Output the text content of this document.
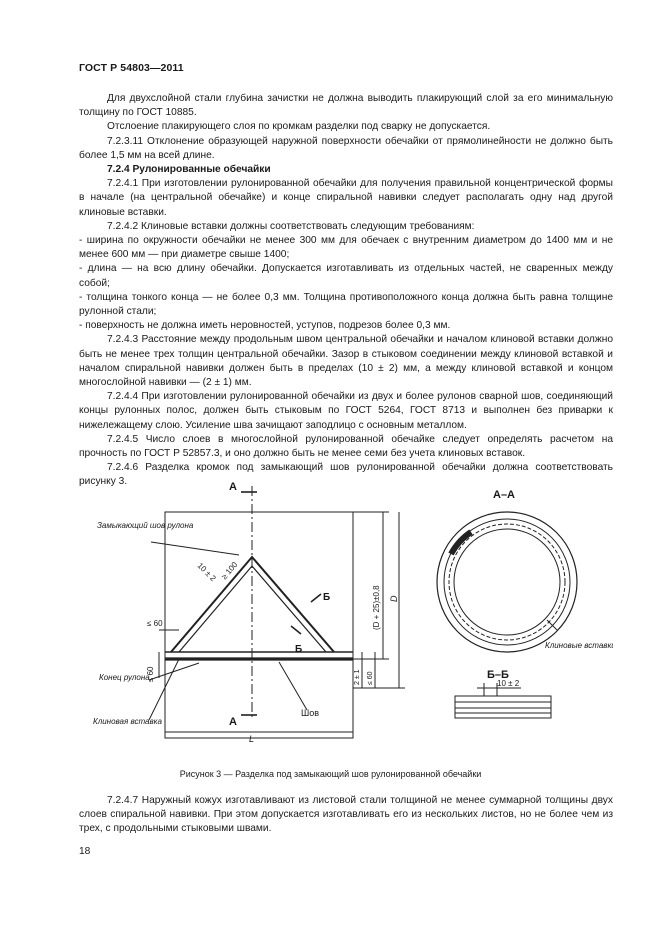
ГОСТ Р 54803—2011

Для двухслойной стали глубина зачистки не должна выводить плакирующий слой за его минимальную толщину по ГОСТ 10885.

Отслоение плакирующего слоя по кромкам разделки под сварку не допускается.

7.2.3.11 Отклонение образующей наружной поверхности обечайки от прямолинейности не должно быть более 1,5 мм на всей длине.

7.2.4 Рулонированные обечайки

7.2.4.1 При изготовлении рулонированной обечайки для получения правильной концентрической формы в начале (на центральной обечайке) и конце спиральной навивки следует располагать одну над другой клиновые вставки.

7.2.4.2 Клиновые вставки должны соответствовать следующим требованиям:

- ширина по окружности обечайки не менее 300 мм для обечаек с внутренним диаметром до 1400 мм и не менее 600 мм — при диаметре свыше 1400;

- длина — на всю длину обечайки. Допускается изготавливать из отдельных частей, не сваренных между собой;

- толщина тонкого конца — не более 0,3 мм. Толщина противоположного конца должна быть равна толщине рулонной стали;

- поверхность не должна иметь неровностей, уступов, подрезов более 0,3 мм.

7.2.4.3 Расстояние между продольным швом центральной обечайки и началом клиновой вставки должно быть не менее трех толщин центральной обечайки. Зазор в стыковом соединении между клиновой вставкой и началом спиральной навивки должен быть в пределах (10 ± 2) мм, а между клиновой вставкой и концом многослойной навивки — (2 ± 1) мм.

7.2.4.4 При изготовлении рулонированной обечайки из двух и более рулонов сварной шов, соединяющий концы рулонных полос, должен быть стыковым по ГОСТ 5264, ГОСТ 8713 и выполнен без приварки к нижележащему слою. Усиление шва зачищают заподлицо с основным металлом.

7.2.4.5 Число слоев в многослойной рулонированной обечайке следует определять расчетом на прочность по ГОСТ Р 52857.3, и оно должно быть не менее семи без учета клиновых вставок.

7.2.4.6 Разделка кромок под замыкающий шов рулонированной обечайки должна соответствовать рисунку 3.	А
А
Замыкающий шов рулона
10 ± 2 ≥ 100
≤ 60
≤ 60
(D + 25)±0,8 D
2 ± 1 ≤ 60
Б
Б
Конец рулона
Клиновая вставка
Шов
L
А–А
Клиновые вставки
Б–Б
10 ± 2
Рисунок 3 — Разделка под замыкающий шов рулонированной обечайки

7.2.4.7 Наружный кожух изготавливают из листовой стали толщиной не менее суммарной толщины двух слоев спиральной навивки. При этом допускается изготавливать его из нескольких листов, но не более чем из трех, с продольными стыковыми швами.

18
